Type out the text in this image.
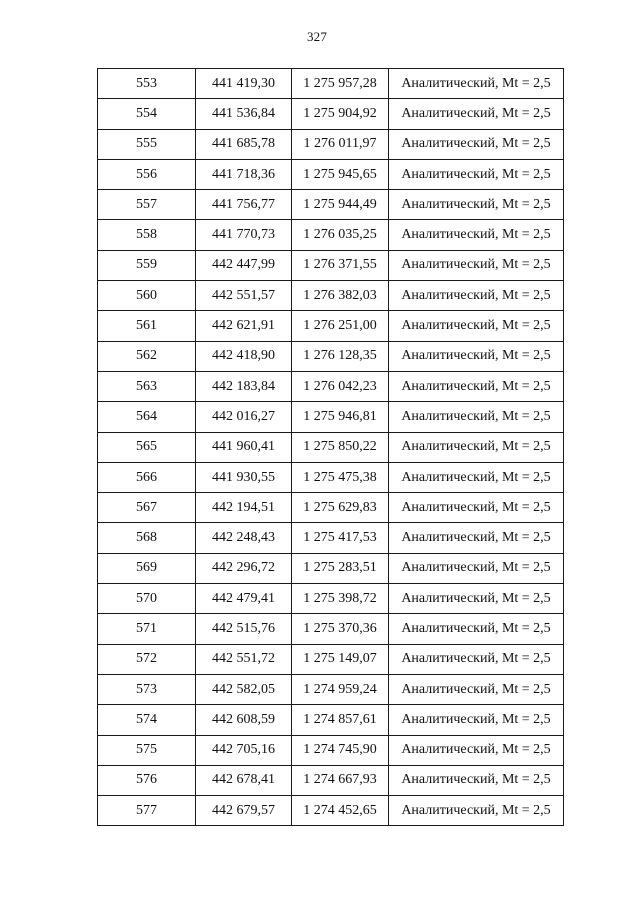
327
553	441 419,30	1 275 957,28	Аналитический, Mt = 2,5
554	441 536,84	1 275 904,92	Аналитический, Mt = 2,5
555	441 685,78	1 276 011,97	Аналитический, Mt = 2,5
556	441 718,36	1 275 945,65	Аналитический, Mt = 2,5
557	441 756,77	1 275 944,49	Аналитический, Mt = 2,5
558	441 770,73	1 276 035,25	Аналитический, Mt = 2,5
559	442 447,99	1 276 371,55	Аналитический, Mt = 2,5
560	442 551,57	1 276 382,03	Аналитический, Mt = 2,5
561	442 621,91	1 276 251,00	Аналитический, Mt = 2,5
562	442 418,90	1 276 128,35	Аналитический, Mt = 2,5
563	442 183,84	1 276 042,23	Аналитический, Mt = 2,5
564	442 016,27	1 275 946,81	Аналитический, Mt = 2,5
565	441 960,41	1 275 850,22	Аналитический, Mt = 2,5
566	441 930,55	1 275 475,38	Аналитический, Mt = 2,5
567	442 194,51	1 275 629,83	Аналитический, Mt = 2,5
568	442 248,43	1 275 417,53	Аналитический, Mt = 2,5
569	442 296,72	1 275 283,51	Аналитический, Mt = 2,5
570	442 479,41	1 275 398,72	Аналитический, Mt = 2,5
571	442 515,76	1 275 370,36	Аналитический, Mt = 2,5
572	442 551,72	1 275 149,07	Аналитический, Mt = 2,5
573	442 582,05	1 274 959,24	Аналитический, Mt = 2,5
574	442 608,59	1 274 857,61	Аналитический, Mt = 2,5
575	442 705,16	1 274 745,90	Аналитический, Mt = 2,5
576	442 678,41	1 274 667,93	Аналитический, Mt = 2,5
577	442 679,57	1 274 452,65	Аналитический, Mt = 2,5
